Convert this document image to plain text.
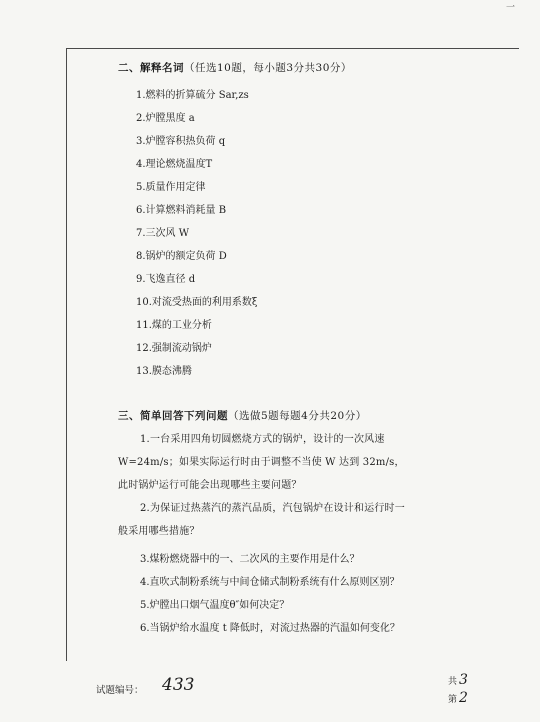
一
二、解释名词（任选10题，每小题3分共30分）
1.燃料的折算硫分 Sar,zs
2.炉膛黑度 a
3.炉膛容积热负荷 q
4.理论燃烧温度T
5.质量作用定律
6.计算燃料消耗量 B
7.三次风 W
8.锅炉的额定负荷 D
9.飞逸直径 d
10.对流受热面的利用系数ξ
11.煤的工业分析
12.强制流动锅炉
13.膜态沸腾
三、简单回答下列问题（选做5题每题4分共20分）
1.一台采用四角切圆燃烧方式的锅炉，设计的一次风速
W=24m/s；如果实际运行时由于调整不当使 W 达到 32m/s，
此时锅炉运行可能会出现哪些主要问题？
2.为保证过热蒸汽的蒸汽品质，汽包锅炉在设计和运行时一
般采用哪些措施？
3.煤粉燃烧器中的一、二次风的主要作用是什么？
4.直吹式制粉系统与中间仓储式制粉系统有什么原则区别？
5.炉膛出口烟气温度θ″如何决定？
6.当锅炉给水温度 t 降低时，对流过热器的汽温如何变化？
试题编号： 433	共 3
第 2
